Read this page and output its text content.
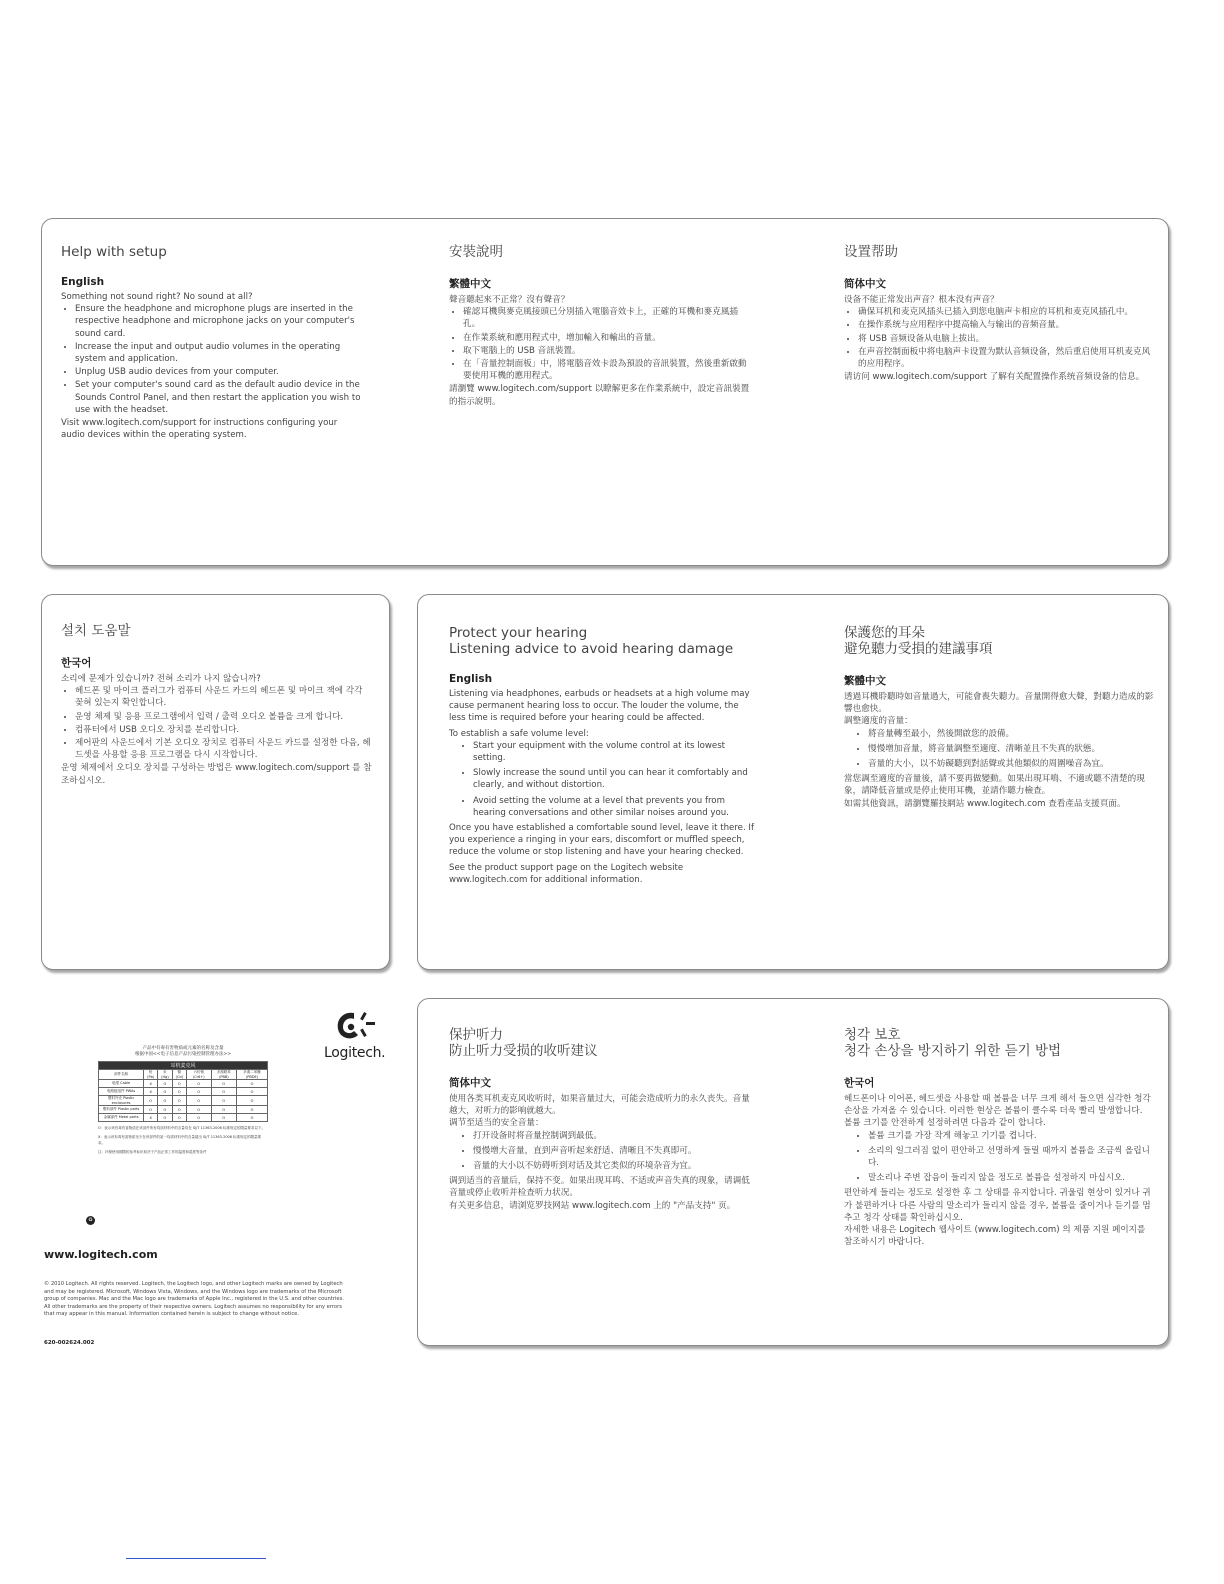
Help with setup
English

Something not sound right? No sound at all?

• Ensure the headphone and microphone plugs are inserted in the respective headphone and microphone jacks on your computer's sound card.
• Increase the input and output audio volumes in the operating system and application.
• Unplug USB audio devices from your computer.
• Set your computer's sound card as the default audio device in the Sounds Control Panel, and then restart the application you wish to use with the headset.

Visit www.logitech.com/support for instructions configuring your audio devices within the operating system.

安裝說明
繁體中文

聲音聽起來不正常？沒有聲音？

• 確認耳機與麥克風接頭已分別插入電腦音效卡上，正確的耳機和麥克風插孔。
• 在作業系統和應用程式中，增加輸入和輸出的音量。
• 取下電腦上的 USB 音訊裝置。
• 在「音量控制面板」中，將電腦音效卡設為預設的音訊裝置，然後重新啟動要使用耳機的應用程式。

請瀏覽 www.logitech.com/support 以瞭解更多在作業系統中，設定音訊裝置的指示說明。

设置帮助
简体中文

设备不能正常发出声音？根本没有声音？

• 确保耳机和麦克风插头已插入到您电脑声卡相应的耳机和麦克风插孔中。
• 在操作系统与应用程序中提高输入与输出的音频音量。
• 将 USB 音频设备从电脑上拔出。
• 在声音控制面板中将电脑声卡设置为默认音频设备，然后重启使用耳机麦克风的应用程序。

请访问 www.logitech.com/support 了解有关配置操作系统音频设备的信息。

설치 도움말
한국어

소리에 문제가 있습니까? 전혀 소리가 나지 않습니까?

• 헤드폰 및 마이크 플러그가 컴퓨터 사운드 카드의 헤드폰 및 마이크 잭에 각각 꽂혀 있는지 확인합니다.
• 운영 체제 및 응용 프로그램에서 입력 / 출력 오디오 볼륨을 크게 합니다.
• 컴퓨터에서 USB 오디오 장치를 분리합니다.
• 제어판의 사운드에서 기본 오디오 장치로 컴퓨터 사운드 카드를 설정한 다음, 헤드셋을 사용할 응용 프로그램을 다시 시작합니다.

운영 체제에서 오디오 장치를 구성하는 방법은 www.logitech.com/support 를 참조하십시오.

Protect your hearing
Listening advice to avoid hearing damage
English

Listening via headphones, earbuds or headsets at a high volume may cause permanent hearing loss to occur. The louder the volume, the less time is required before your hearing could be affected.

To establish a safe volume level:

• Start your equipment with the volume control at its lowest setting.
• Slowly increase the sound until you can hear it comfortably and clearly, and without distortion.
• Avoid setting the volume at a level that prevents you from hearing conversations and other similar noises around you.

Once you have established a comfortable sound level, leave it there. If you experience a ringing in your ears, discomfort or muffled speech, reduce the volume or stop listening and have your hearing checked.

See the product support page on the Logitech website www.logitech.com for additional information.

保護您的耳朵
避免聽力受損的建議事項
繁體中文

透過耳機聆聽時如音量過大，可能會喪失聽力。音量開得愈大聲，對聽力造成的影響也愈快。

調整適度的音量：

• 將音量轉至最小，然後開啟您的設備。
• 慢慢增加音量，將音量調整至適度、清晰並且不失真的狀態。
• 音量的大小，以不妨礙聽到對話聲或其他類似的周圍噪音為宜。

當您調至適度的音量後，請不要再做變動。如果出現耳鳴、不適或聽不清楚的現象，請降低音量或是停止使用耳機，並請作聽力檢查。

如需其他資訊，請瀏覽羅技網站 www.logitech.com 查看產品支援頁面。

保护听力
防止听力受损的收听建议
简体中文

使用各类耳机麦克风收听时，如果音量过大，可能会造成听力的永久丧失。音量越大，对听力的影响就越大。

调节至适当的安全音量：

• 打开设备时将音量控制调到最低。
• 慢慢增大音量，直到声音听起来舒适、清晰且不失真即可。
• 音量的大小以不妨碍听到对话及其它类似的环境杂音为宜。

调到适当的音量后，保持不变。如果出现耳鸣、不适或声音失真的现象，请调低音量或停止收听并检查听力状况。

有关更多信息，请浏览罗技网站 www.logitech.com 上的 "产品支持" 页。

청각 보호
청각 손상을 방지하기 위한 듣기 방법
한국어

헤드폰이나 이어폰, 헤드셋을 사용할 때 볼륨을 너무 크게 해서 들으면 심각한 청각 손상을 가져올 수 있습니다. 이러한 현상은 볼륨이 클수록 더욱 빨리 발생합니다.

볼륨 크기를 안전하게 설정하려면 다음과 같이 합니다.

• 볼륨 크기를 가장 작게 해놓고 기기를 켭니다.
• 소리의 일그러짐 없이 편안하고 선명하게 들릴 때까지 볼륨을 조금씩 올립니다.
• 말소리나 주변 잡음이 들리지 않을 정도로 볼륨을 설정하지 마십시오.

편안하게 들리는 정도로 설정한 후 그 상태를 유지합니다. 귀울림 현상이 있거나 귀가 불편하거나 다른 사람의 말소리가 들리지 않을 경우, 볼륨을 줄이거나 듣기를 멈추고 청각 상태를 확인하십시오.

자세한 내용은 Logitech 웹사이트 (www.logitech.com) 의 제품 지원 페이지를 참조하시기 바랍니다.

Logitech.
产品中有毒有害物质或元素的名称及含量
根据中国<<电子信息产品污染控制管理办法>>
耳机麦克风						
部件名称	铅 (Pb)	汞 (Hg)	镉 (Cd)	六价铬 (Cr6+)	多溴联苯 (PBB)	多溴二苯醚 (PBDE)
电缆 Cable	X	O	O	O	O	O
电路板组件 PWAs	X	O	O	O	O	O
塑料外壳 Plastic enclosures	O	O	O	O	O	O
塑料部件 Plastic parts	O	O	O	O	O	O
金属部件 Metal parts	X	O	O	O	O	O
O：表示该有毒有害物质在该部件所有均质材料中的含量均在 SJ/T 11363-2006 标准规定的限量要求以下。
X：表示该有毒有害物质至少在该部件的某一均质材料中的含量超出 SJ/T 11363-2006 标准规定的限量要求。
注：环保使用期限的参考标识取决于产品正常工作的温度和湿度等条件
♻
www.logitech.com
© 2010 Logitech. All rights reserved. Logitech, the Logitech logo, and other Logitech marks are owned by Logitech and may be registered. Microsoft, Windows Vista, Windows, and the Windows logo are trademarks of the Microsoft group of companies. Mac and the Mac logo are trademarks of Apple Inc., registered in the U.S. and other countries. All other trademarks are the property of their respective owners. Logitech assumes no responsibility for any errors that may appear in this manual. Information contained herein is subject to change without notice.
620-002624.002
